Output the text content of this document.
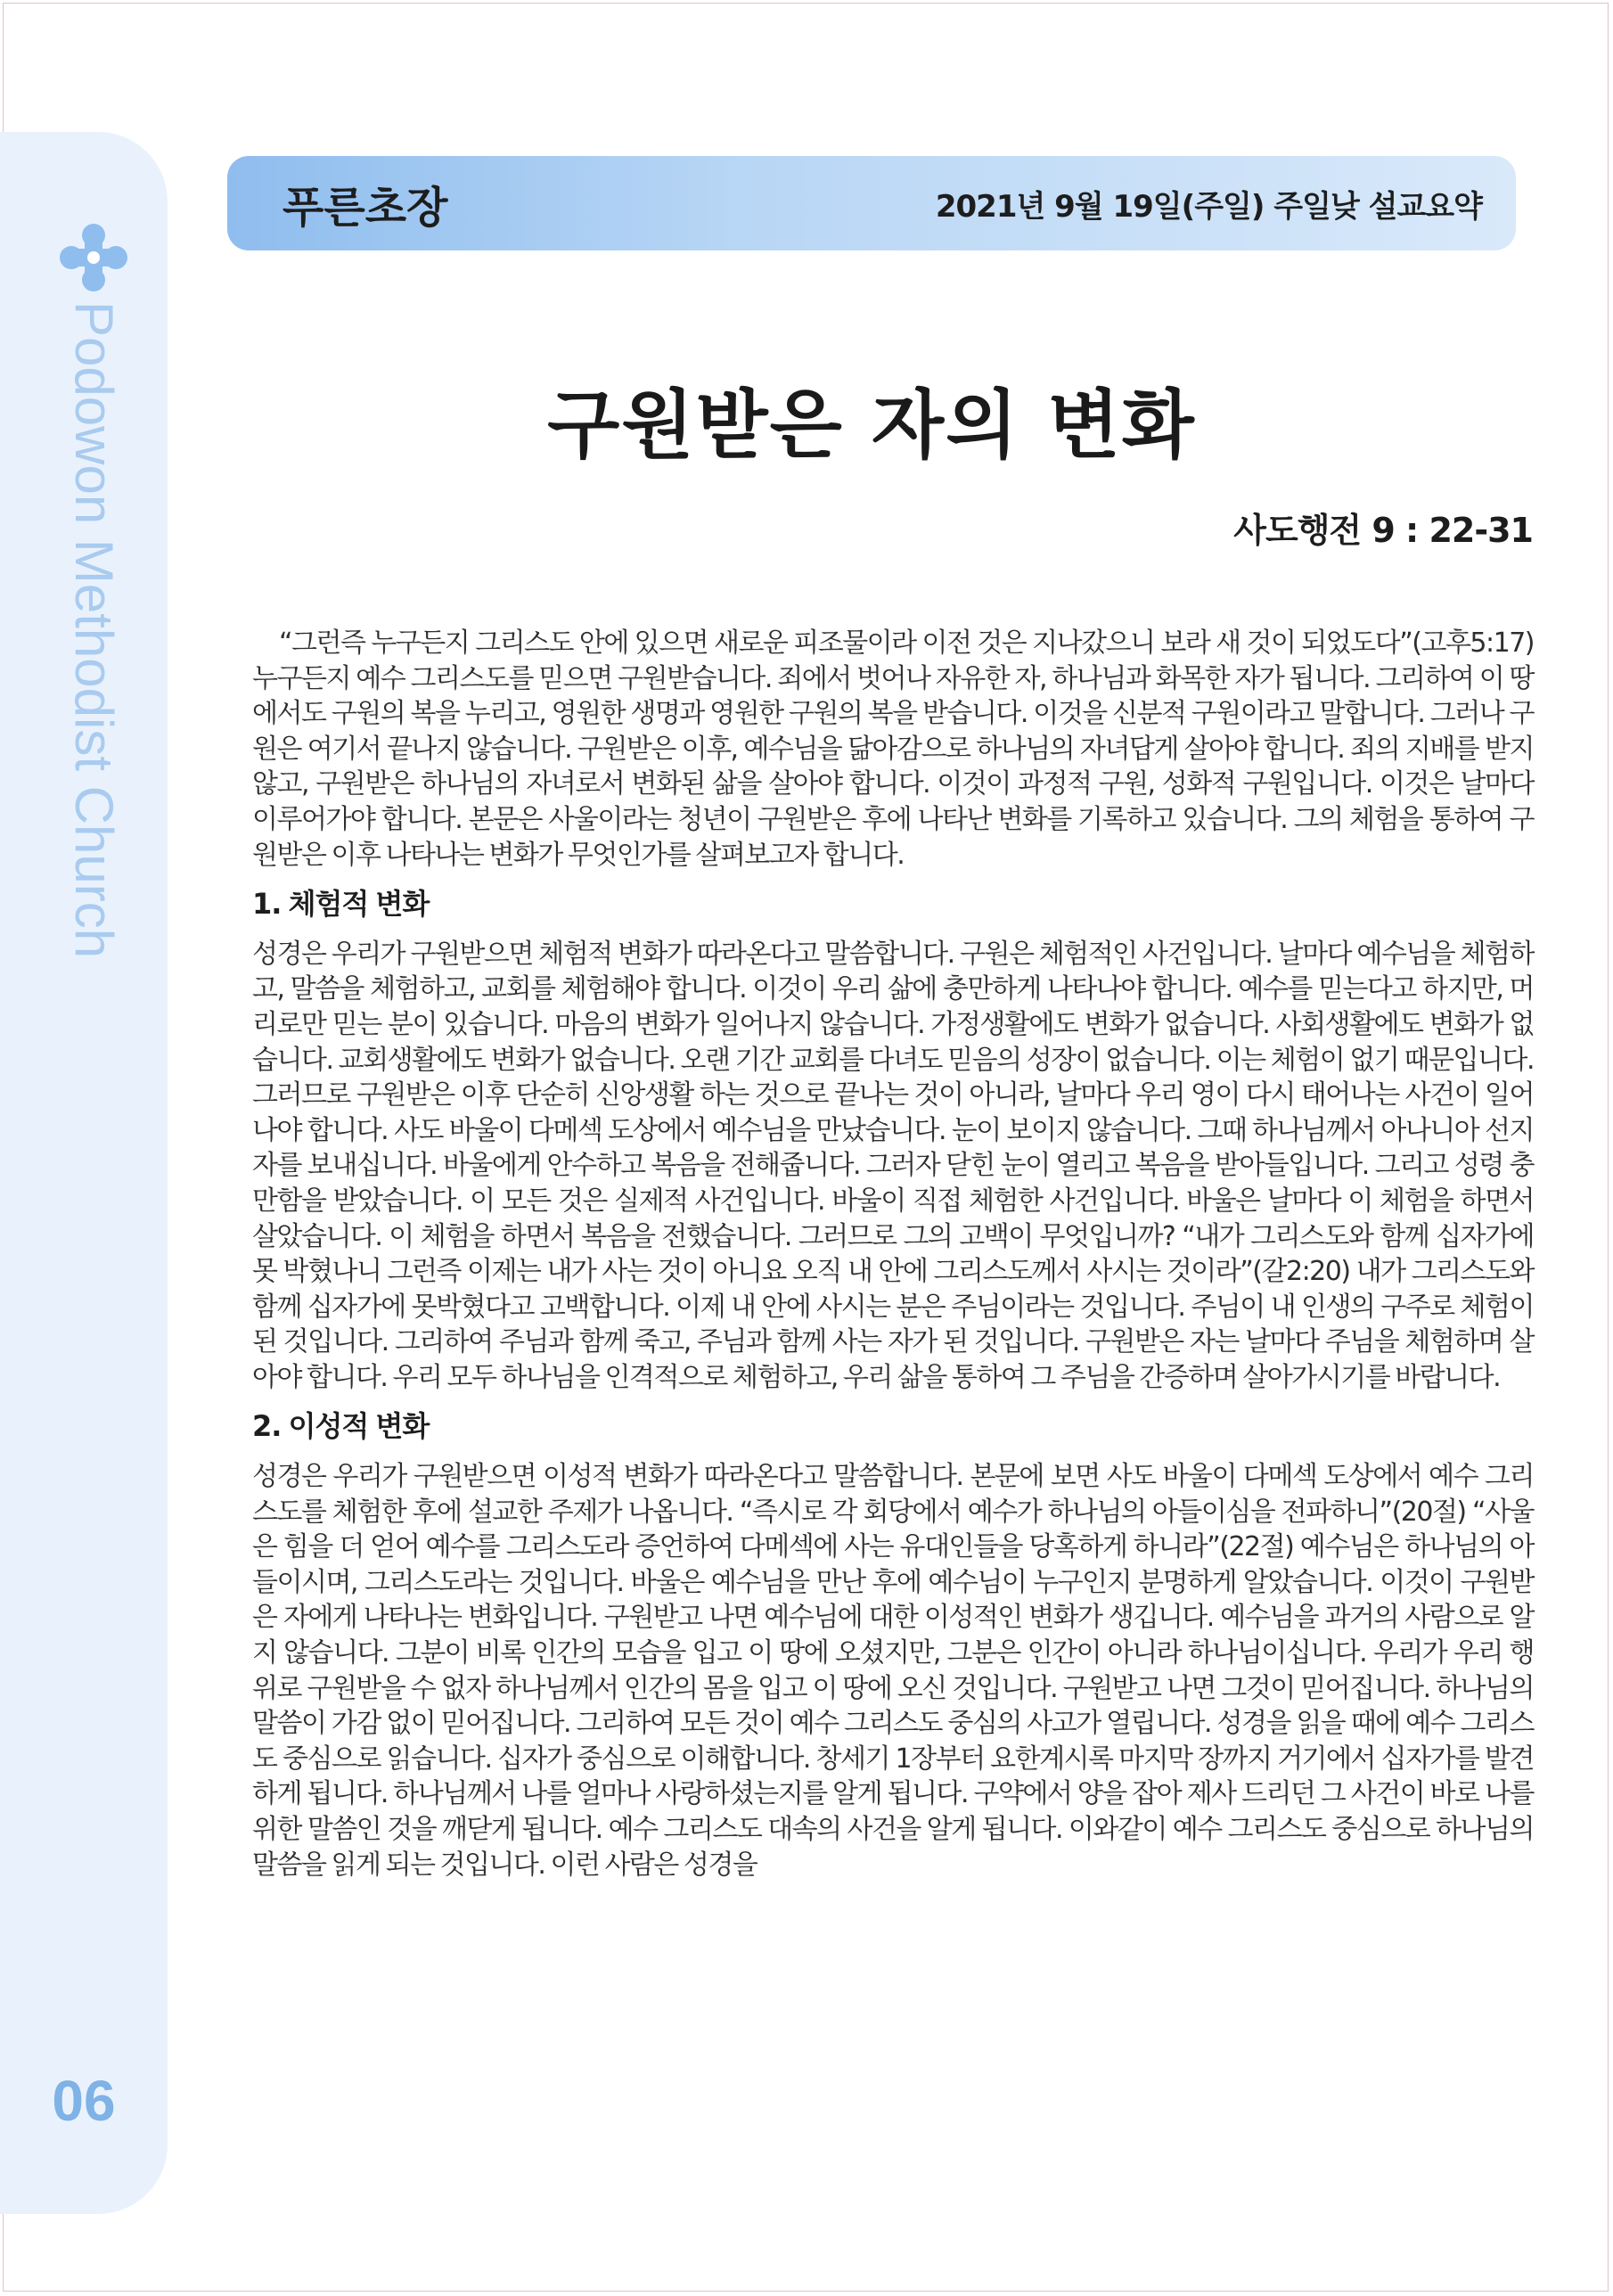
Podowon Methodist Church
06
푸른초장	2021년 9월 19일(주일) 주일낮 설교요약
구원받은 자의 변화
사도행전 9 : 22-31

“그런즉 누구든지 그리스도 안에 있으면 새로운 피조물이라 이전 것은 지나갔으니 보라 새 것이 되었도다”(고후5:17) 누구든지 예수 그리스도를 믿으면 구원받습니다. 죄에서 벗어나 자유한 자, 하나님과 화목한 자가 됩니다. 그리하여 이 땅에서도 구원의 복을 누리고, 영원한 생명과 영원한 구원의 복을 받습니다. 이것을 신분적 구원이라고 말합니다. 그러나 구원은 여기서 끝나지 않습니다. 구원받은 이후, 예수님을 닮아감으로 하나님의 자녀답게 살아야 합니다. 죄의 지배를 받지 않고, 구원받은 하나님의 자녀로서 변화된 삶을 살아야 합니다. 이것이 과정적 구원, 성화적 구원입니다. 이것은 날마다 이루어가야 합니다. 본문은 사울이라는 청년이 구원받은 후에 나타난 변화를 기록하고 있습니다. 그의 체험을 통하여 구원받은 이후 나타나는 변화가 무엇인가를 살펴보고자 합니다.

1. 체험적 변화

성경은 우리가 구원받으면 체험적 변화가 따라온다고 말씀합니다. 구원은 체험적인 사건입니다. 날마다 예수님을 체험하고, 말씀을 체험하고, 교회를 체험해야 합니다. 이것이 우리 삶에 충만하게 나타나야 합니다. 예수를 믿는다고 하지만, 머리로만 믿는 분이 있습니다. 마음의 변화가 일어나지 않습니다. 가정생활에도 변화가 없습니다. 사회생활에도 변화가 없습니다. 교회생활에도 변화가 없습니다. 오랜 기간 교회를 다녀도 믿음의 성장이 없습니다. 이는 체험이 없기 때문입니다. 그러므로 구원받은 이후 단순히 신앙생활 하는 것으로 끝나는 것이 아니라, 날마다 우리 영이 다시 태어나는 사건이 일어나야 합니다. 사도 바울이 다메섹 도상에서 예수님을 만났습니다. 눈이 보이지 않습니다. 그때 하나님께서 아나니아 선지자를 보내십니다. 바울에게 안수하고 복음을 전해줍니다. 그러자 닫힌 눈이 열리고 복음을 받아들입니다. 그리고 성령 충만함을 받았습니다. 이 모든 것은 실제적 사건입니다. 바울이 직접 체험한 사건입니다. 바울은 날마다 이 체험을 하면서 살았습니다. 이 체험을 하면서 복음을 전했습니다. 그러므로 그의 고백이 무엇입니까? “내가 그리스도와 함께 십자가에 못 박혔나니 그런즉 이제는 내가 사는 것이 아니요 오직 내 안에 그리스도께서 사시는 것이라”(갈2:20) 내가 그리스도와 함께 십자가에 못박혔다고 고백합니다. 이제 내 안에 사시는 분은 주님이라는 것입니다. 주님이 내 인생의 구주로 체험이 된 것입니다. 그리하여 주님과 함께 죽고, 주님과 함께 사는 자가 된 것입니다. 구원받은 자는 날마다 주님을 체험하며 살아야 합니다. 우리 모두 하나님을 인격적으로 체험하고, 우리 삶을 통하여 그 주님을 간증하며 살아가시기를 바랍니다.

2. 이성적 변화

성경은 우리가 구원받으면 이성적 변화가 따라온다고 말씀합니다. 본문에 보면 사도 바울이 다메섹 도상에서 예수 그리스도를 체험한 후에 설교한 주제가 나옵니다. “즉시로 각 회당에서 예수가 하나님의 아들이심을 전파하니”(20절) “사울은 힘을 더 얻어 예수를 그리스도라 증언하여 다메섹에 사는 유대인들을 당혹하게 하니라”(22절) 예수님은 하나님의 아들이시며, 그리스도라는 것입니다. 바울은 예수님을 만난 후에 예수님이 누구인지 분명하게 알았습니다. 이것이 구원받은 자에게 나타나는 변화입니다. 구원받고 나면 예수님에 대한 이성적인 변화가 생깁니다. 예수님을 과거의 사람으로 알지 않습니다. 그분이 비록 인간의 모습을 입고 이 땅에 오셨지만, 그분은 인간이 아니라 하나님이십니다. 우리가 우리 행위로 구원받을 수 없자 하나님께서 인간의 몸을 입고 이 땅에 오신 것입니다. 구원받고 나면 그것이 믿어집니다. 하나님의 말씀이 가감 없이 믿어집니다. 그리하여 모든 것이 예수 그리스도 중심의 사고가 열립니다. 성경을 읽을 때에 예수 그리스도 중심으로 읽습니다. 십자가 중심으로 이해합니다. 창세기 1장부터 요한계시록 마지막 장까지 거기에서 십자가를 발견하게 됩니다. 하나님께서 나를 얼마나 사랑하셨는지를 알게 됩니다. 구약에서 양을 잡아 제사 드리던 그 사건이 바로 나를 위한 말씀인 것을 깨닫게 됩니다. 예수 그리스도 대속의 사건을 알게 됩니다. 이와같이 예수 그리스도 중심으로 하나님의 말씀을 읽게 되는 것입니다. 이런 사람은 성경을
